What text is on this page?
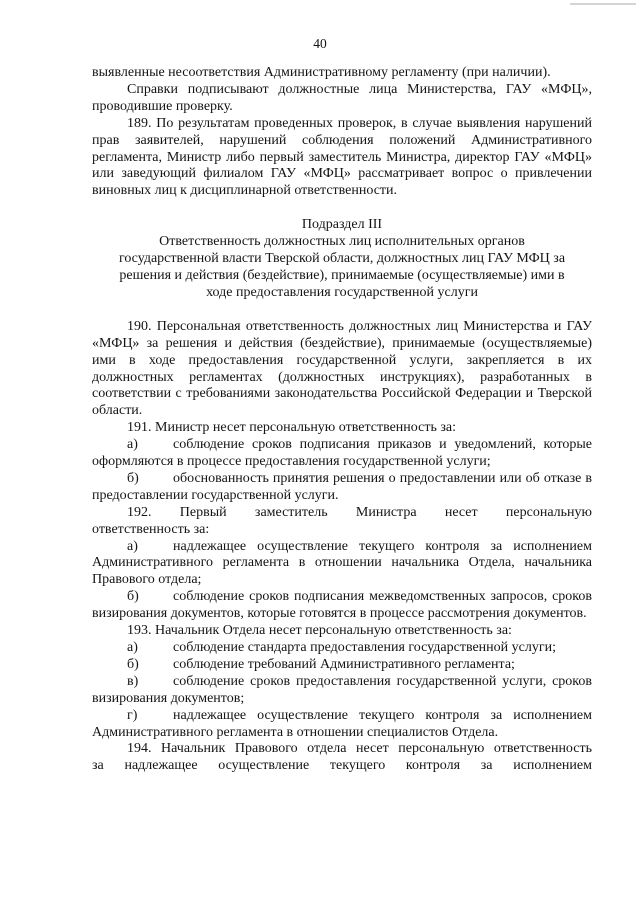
40

выявленные несоответствия Административному регламенту (при наличии).

Справки подписывают должностные лица Министерства, ГАУ «МФЦ», проводившие проверку.

189. По результатам проведенных проверок, в случае выявления нарушений прав заявителей, нарушений соблюдения положений Административного регламента, Министр либо первый заместитель Министра, директор ГАУ «МФЦ» или заведующий филиалом ГАУ «МФЦ» рассматривает вопрос о привлечении виновных лиц к дисциплинарной ответственности.

Подраздел III
Ответственность должностных лиц исполнительных органов
государственной власти Тверской области, должностных лиц ГАУ МФЦ за
решения и действия (бездействие), принимаемые (осуществляемые) ими в
ходе предоставления государственной услуги

190. Персональная ответственность должностных лиц Министерства и ГАУ «МФЦ» за решения и действия (бездействие), принимаемые (осуществляемые) ими в ходе предоставления государственной услуги, закрепляется в их должностных регламентах (должностных инструкциях), разработанных в соответствии с требованиями законодательства Российской Федерации и Тверской области.

191. Министр несет персональную ответственность за:

а)	соблюдение сроков подписания приказов и уведомлений, которые оформляются в процессе предоставления государственной услуги;

б) обоснованность принятия решения о предоставлении или об отказе в предоставлении государственной услуги.

192. Первый заместитель Министра несет персональную

ответственность за:

а)	надлежащее осуществление текущего контроля за исполнением Административного регламента в отношении начальника Отдела, начальника Правового отдела;

б) соблюдение сроков подписания межведомственных запросов, сроков визирования документов, которые готовятся в процессе рассмотрения документов.

193. Начальник Отдела несет персональную ответственность за:

а)	соблюдение стандарта предоставления государственной услуги;

б) соблюдение требований Административного регламента;

в) соблюдение сроков предоставления государственной услуги, сроков визирования документов;

г)	надлежащее осуществление текущего контроля за исполнением Административного регламента в отношении специалистов Отдела.

194. Начальник Правового отдела несет персональную ответственность

за надлежащее осуществление текущего контроля за исполнением
